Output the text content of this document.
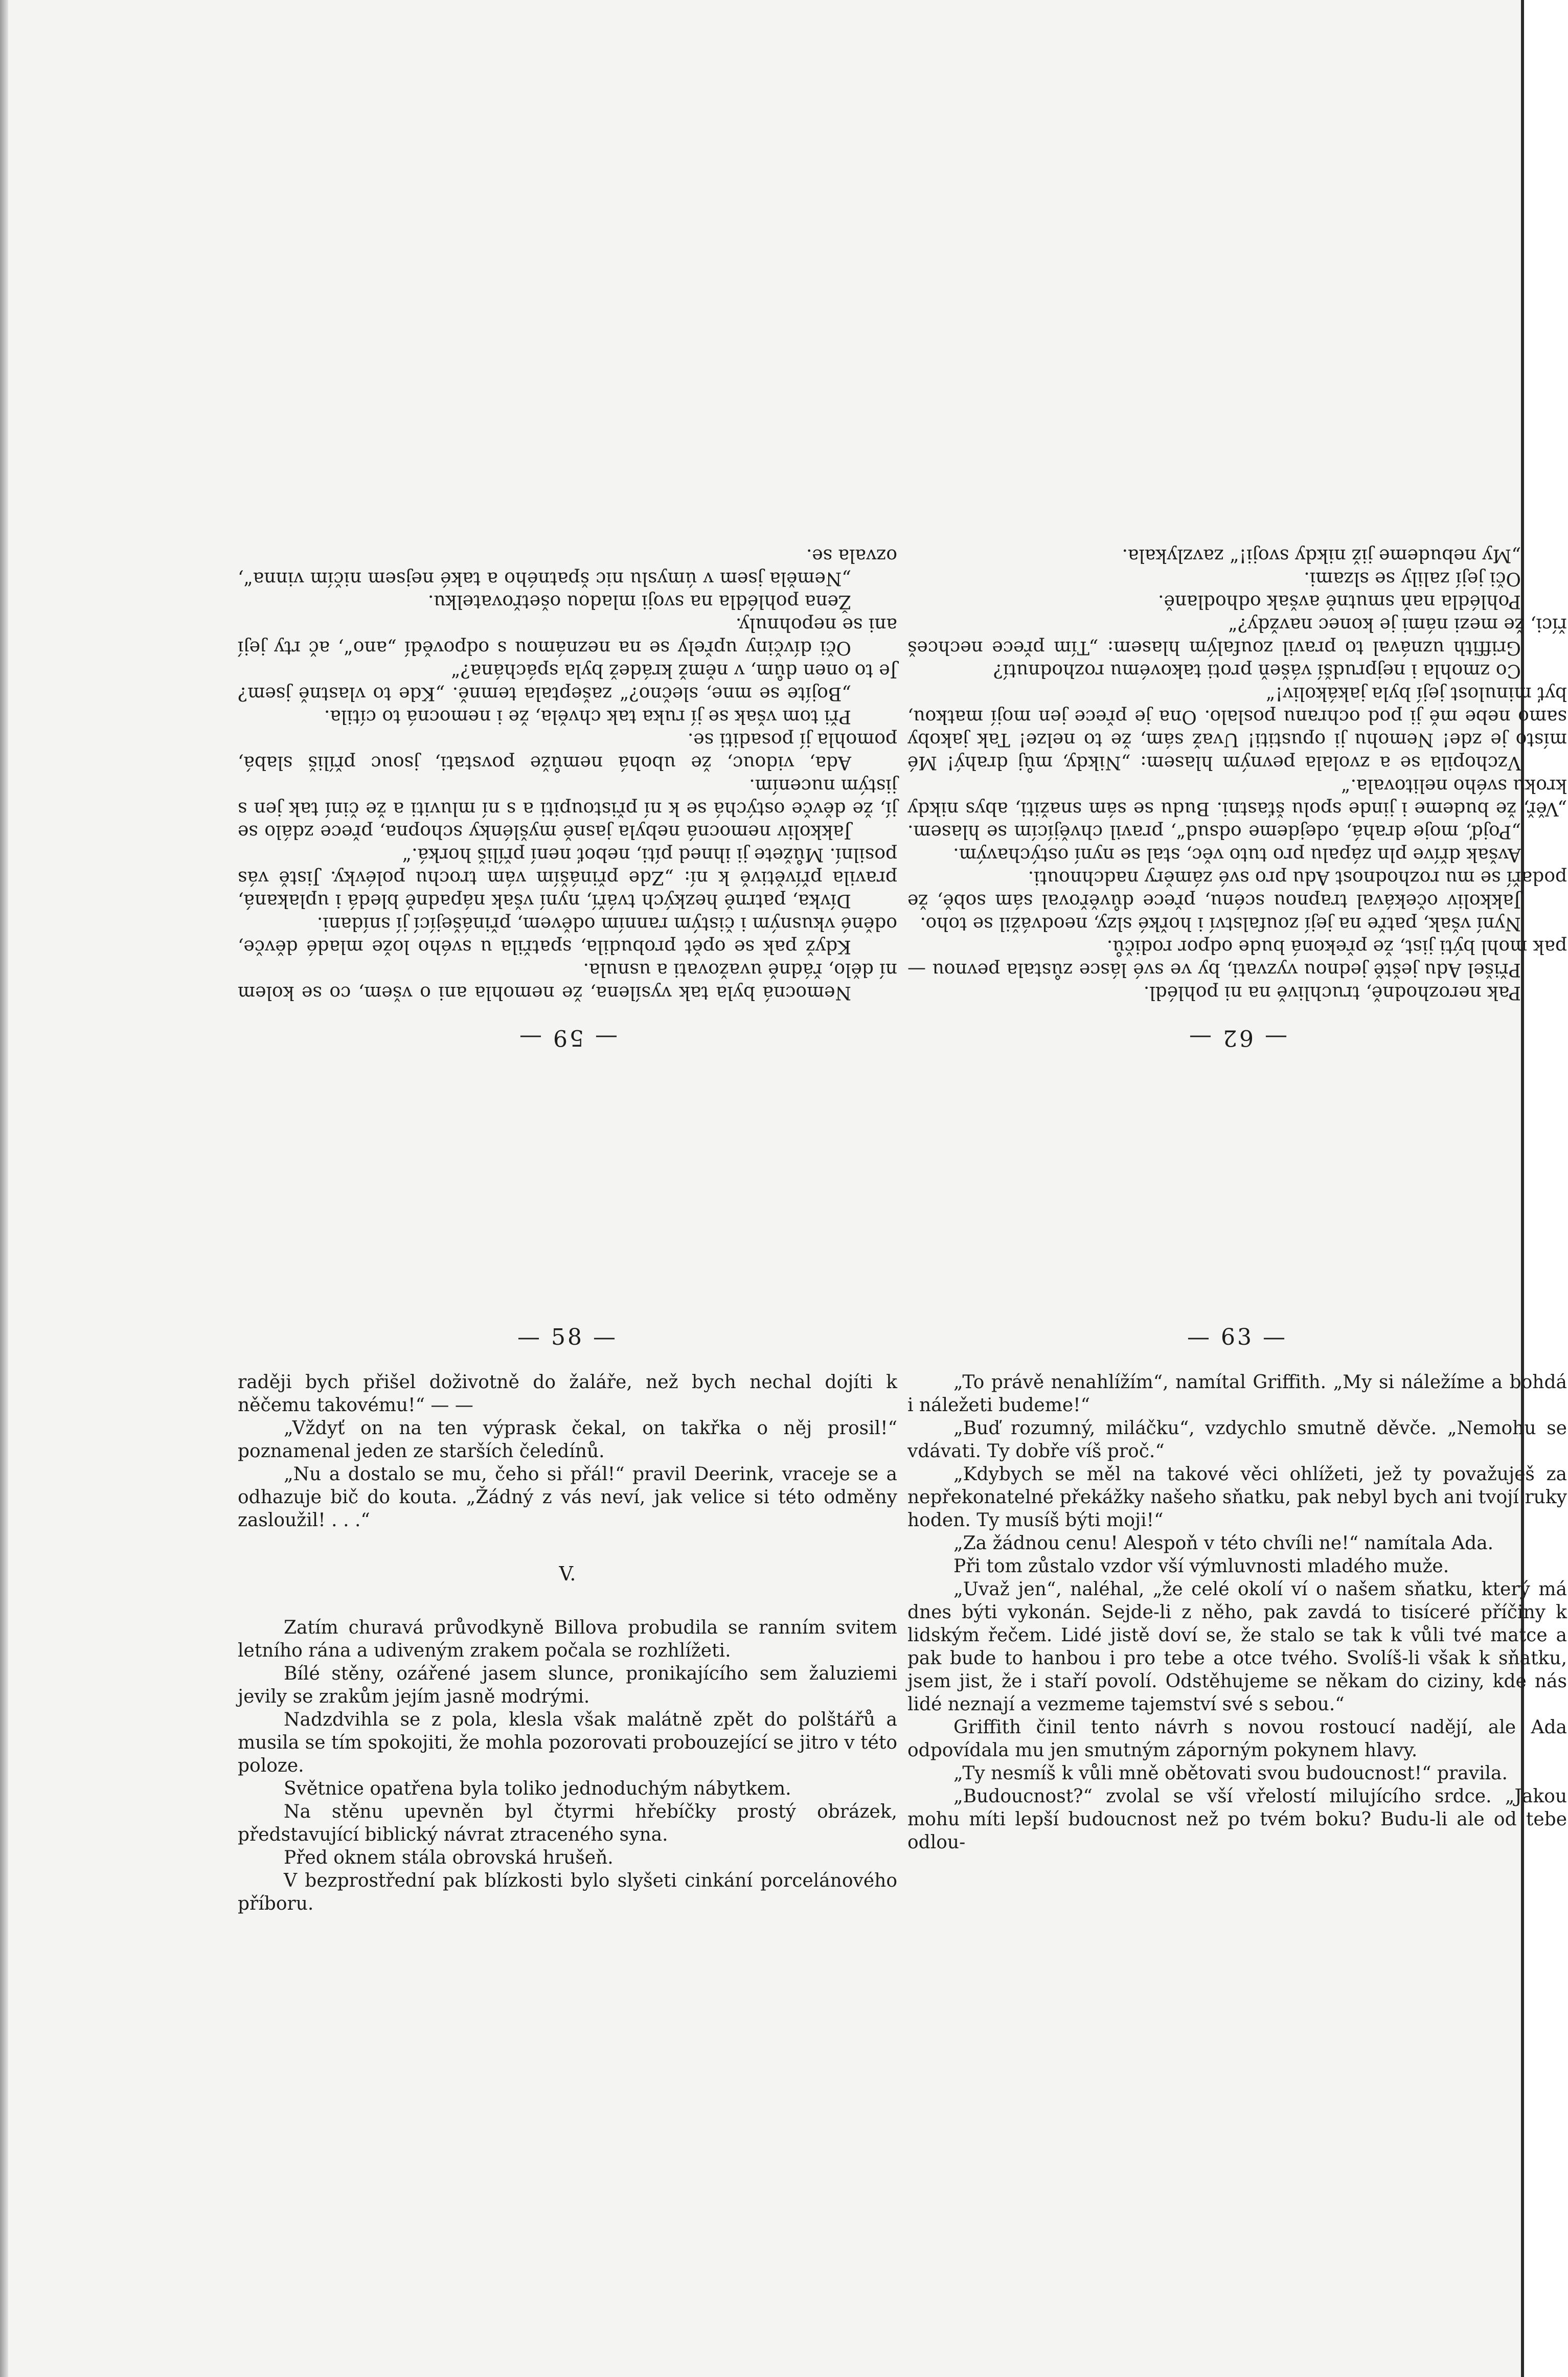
— 59 —

Nemocná byla tak vysílena, že nemohla ani o všem, co se kolem ní dělo, řádně uvažovati a usnula.

Když pak se opět probudila, spatřila u svého lože mladé děvče, oděné vkusným i čistým ranním oděvem, přinášející jí snídani.

Dívka, patrně hezkých tváří, nyní však nápadně bledá i uplakaná, pravila přívětivě k ní: „Zde přináším vám trochu polévky. Jistě vás posilní. Můžete ji ihned píti, neboť není příliš horká.“

Jakkoliv nemocná nebyla jasně myšlénky schopna, přece zdálo se jí, že děvče ostýchá se k ní přistoupiti a s ní mluviti a že činí tak jen s jistým nucením.

Ada, vidouc, že ubohá nemůže povstati, jsouc příliš slabá, pomohla jí posaditi se.

Při tom však se jí ruka tak chvěla, že i nemocná to cítila.

„Bojíte se mne, slečno?“ zašeptala temně. „Kde to vlastně jsem? Je to onen dům, v němž krádež byla spáchána?“

Oči dívčiny upřely se na neznámou s odpovědí „ano“, ač rty její ani se nepohnuly.

Žena pohlédla na svoji mladou ošetřovatelku.

„Neměla jsem v úmyslu nic špatného a také nejsem ničím vinna“, ozvala se.

— 62 —

Pak nerozhodně, truchlivě na ni pohlédl.

Přišel Adu ještě jednou vyzvati, by ve své lásce zůstala pevnou — pak mohl býti jist, že překoná bude odpor rodičů.

Nyní však, patře na její zoufalství i hořké slzy, neodvážil se toho.

Jakkoliv očekával trapnou scénu, přece důvěřoval sám sobě, že podaří se mu rozhodnost Adu pro své záměry nadchnouti.

Avšak dříve pln zápalu pro tuto věc, stal se nyní ostýchavým.

„Pojď, moje drahá, odejdeme odsud“, pravil chvějícím se hlasem. „Věř, že budeme i jinde spolu šťastni. Budu se sám snažiti, abys nikdy kroku svého nelitovala.“

Vzchopila se a zvolala pevným hlasem: „Nikdy, můj drahý! Mé místo je zde! Nemohu ji opustiti! Uvaž sám, že to nelze! Tak jakoby samo nebe mě ji pod ochranu poslalo. Ona je přece jen mojí matkou, byť minulost její byla jakákoliv!“

Co zmohla i nejprudší vášeň proti takovému rozhodnutí?

Griffith uznával to pravil zoufalým hlasem: „Tím přece nechceš říci, že mezi námi je konec navždy?“

Pohlédla naň smutně avšak odhodlaně.

Oči její zalily se slzami.

„My nebudeme již nikdy svoji!“ zavzlykala.

— 58 —

raději bych přišel doživotně do žaláře, než bych nechal dojíti k něčemu takovému!“ — —

„Vždyť on na ten výprask čekal, on takřka o něj prosil!“ poznamenal jeden ze starších čeledínů.

„Nu a dostalo se mu, čeho si přál!“ pravil Deerink, vraceje se a odhazuje bič do kouta. „Žádný z vás neví, jak velice si této odměny zasloužil! . . .“

V.

Zatím churavá průvodkyně Billova probudila se ranním svitem letního rána a udiveným zrakem počala se rozhlížeti.

Bílé stěny, ozářené jasem slunce, pronikajícího sem žaluziemi jevily se zrakům jejím jasně modrými.

Nadzdvihla se z pola, klesla však malátně zpět do polštářů a musila se tím spokojiti, že mohla pozorovati probouzející se jitro v této poloze.

Světnice opatřena byla toliko jednoduchým nábytkem.

Na stěnu upevněn byl čtyrmi hřebíčky prostý obrázek, představující biblický návrat ztraceného syna.

Před oknem stála obrovská hrušeň.

V bezprostřední pak blízkosti bylo slyšeti cinkání porcelánového příboru.

— 63 —

„To právě nenahlížím“, namítal Griffith. „My si náležíme a bohdá i náležeti budeme!“

„Buď rozumný, miláčku“, vzdychlo smutně děvče. „Nemohu se vdávati. Ty dobře víš proč.“

„Kdybych se měl na takové věci ohlížeti, jež ty považuješ za nepřekonatelné překážky našeho sňatku, pak nebyl bych ani tvojí ruky hoden. Ty musíš býti moji!“

„Za žádnou cenu! Alespoň v této chvíli ne!“ namítala Ada.

Při tom zůstalo vzdor vší výmluvnosti mladého muže.

„Uvaž jen“, naléhal, „že celé okolí ví o našem sňatku, který má dnes býti vykonán. Sejde-li z něho, pak zavdá to tisíceré příčiny k lidským řečem. Lidé jistě doví se, že stalo se tak k vůli tvé matce a pak bude to hanbou i pro tebe a otce tvého. Svolíš-li však k sňatku, jsem jist, že i staří povolí. Odstěhujeme se někam do ciziny, kde nás lidé neznají a vezmeme tajemství své s sebou.“

Griffith činil tento návrh s novou rostoucí nadějí, ale Ada odpovídala mu jen smutným záporným pokynem hlavy.

„Ty nesmíš k vůli mně obětovati svou budoucnost!“ pravila.

„Budoucnost?“ zvolal se vší vřelostí milujícího srdce. „Jakou mohu míti lepší budoucnost než po tvém boku? Budu-li ale od tebe odlou-
